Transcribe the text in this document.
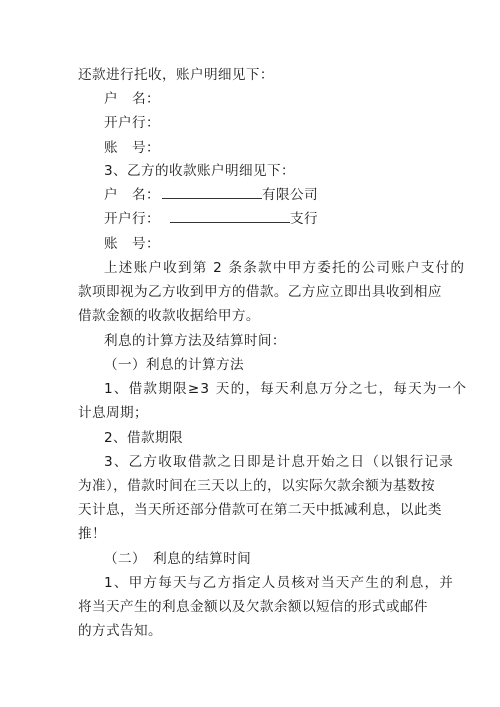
还款进行托收，账户明细见下：
户　名：
开户行：
账　号：
3、乙方的收款账户明细见下：
户　名：	有限公司
开户行：	支行
账　号：
上述账户收到第 2 条条款中甲方委托的公司账户支付的
款项即视为乙方收到甲方的借款。乙方应立即出具收到相应
借款金额的收款收据给甲方。
利息的计算方法及结算时间：
（一）利息的计算方法
1、借款期限≥3 天的，每天利息万分之七，每天为一个
计息周期；
2、借款期限
3、乙方收取借款之日即是计息开始之日（以银行记录
为准），借款时间在三天以上的，以实际欠款余额为基数按
天计息，当天所还部分借款可在第二天中抵减利息，以此类
推！
（二）　利息的结算时间
1、甲方每天与乙方指定人员核对当天产生的利息，并
将当天产生的利息金额以及欠款余额以短信的形式或邮件
的方式告知。
